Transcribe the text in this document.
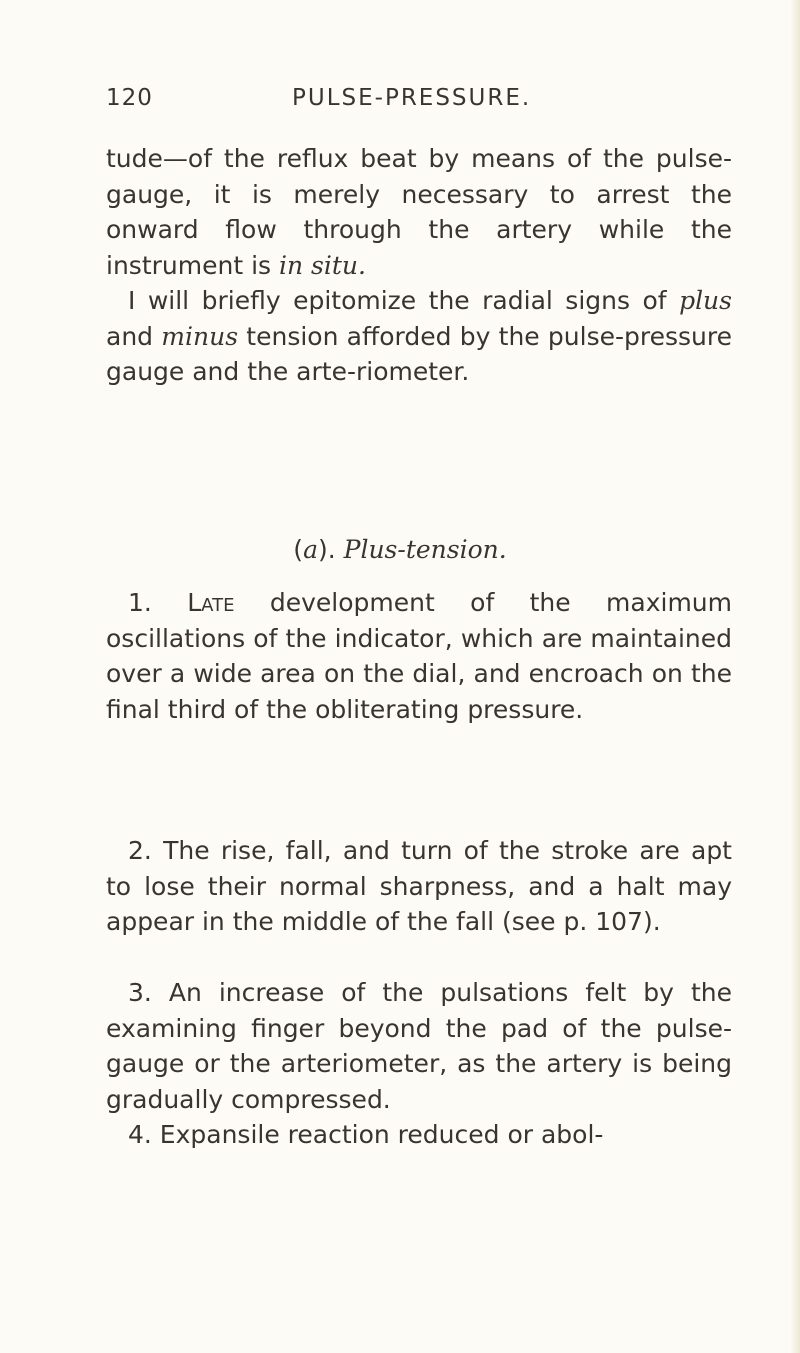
120	PULSE-PRESSURE.

tude—of the reflux beat by means of the pulse-gauge, it is merely necessary to arrest the onward flow through the artery while the instrument is in situ.

I will briefly epitomize the radial signs of plus and minus tension afforded by the pulse-pressure gauge and the arte-riometer.

(a). Plus-tension.

1. Late development of the maximum oscillations of the indicator, which are maintained over a wide area on the dial, and encroach on the final third of the obliterating pressure.

2. The rise, fall, and turn of the stroke are apt to lose their normal sharpness, and a halt may appear in the middle of the fall (see p. 107).

3. An increase of the pulsations felt by the examining finger beyond the pad of the pulse-gauge or the arteriometer, as the artery is being gradually compressed.

4. Expansile reaction reduced or abol-
